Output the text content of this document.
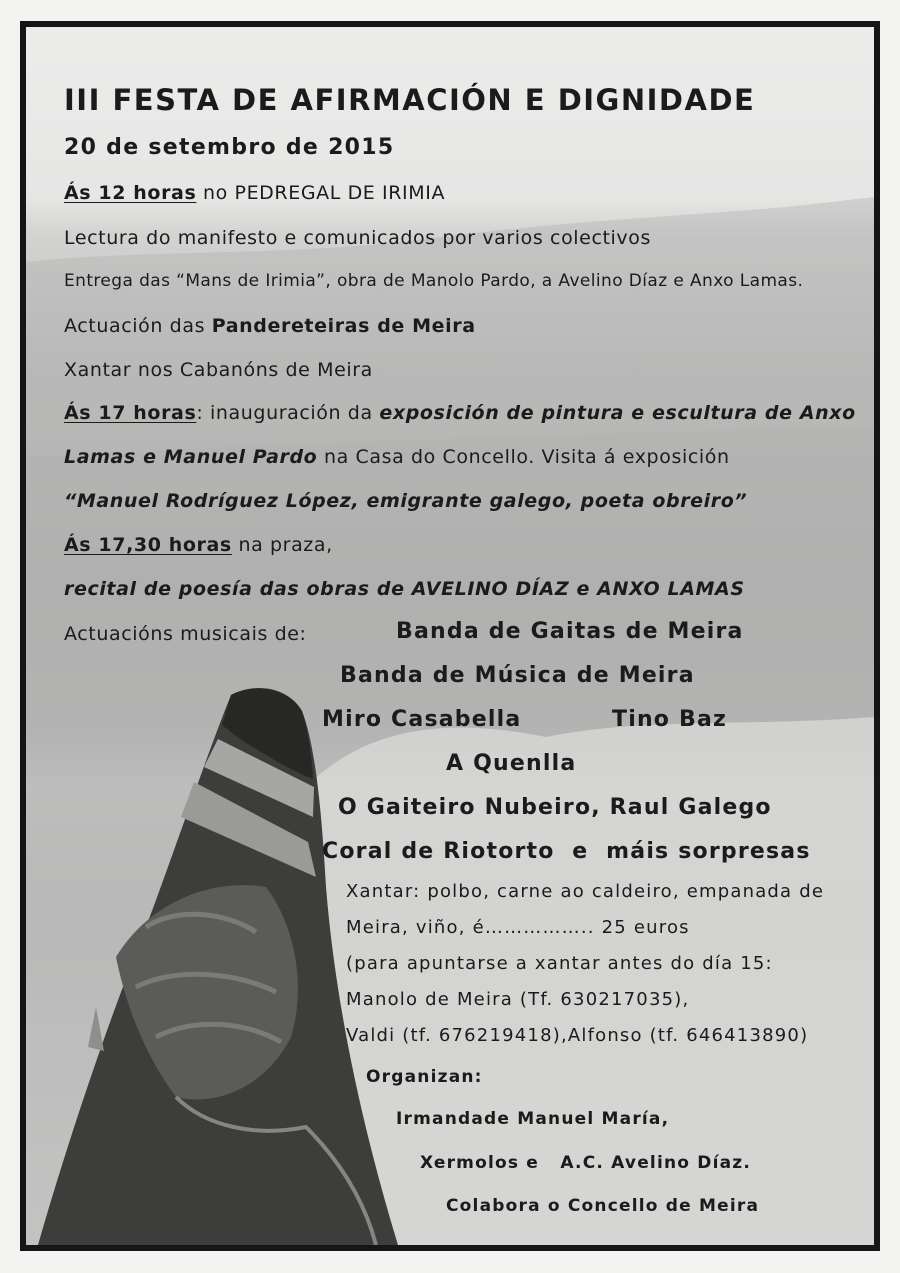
III FESTA DE AFIRMACIÓN E DIGNIDADE
20 de setembro de 2015
Ás 12 horas no PEDREGAL DE IRIMIA
Lectura do manifesto e comunicados por varios colectivos
Entrega das “Mans de Irimia”, obra de Manolo Pardo, a Avelino Díaz e Anxo Lamas.
Actuación das Pandereteiras de Meira
Xantar nos Cabanóns de Meira
Ás 17 horas: inauguración da exposición de pintura e escultura de Anxo
Lamas e Manuel Pardo na Casa do Concello. Visita á exposición
“Manuel Rodríguez López, emigrante galego, poeta obreiro”
Ás 17,30 horas na praza,
recital de poesía das obras de AVELINO DÍAZ e ANXO LAMAS
Actuacións musicais de:	Banda de Gaitas de Meira
Banda de Música de Meira
Miro Casabella	Tino Baz
A Quenlla
O Gaiteiro Nubeiro, Raul Galego
Coral de Riotorto  e  máis sorpresas
Xantar: polbo, carne ao caldeiro, empanada de
Meira, viño, é…………….. 25 euros
(para apuntarse a xantar antes do día 15:
Manolo de Meira (Tf. 630217035),
Valdi (tf. 676219418),Alfonso (tf. 646413890)
Organizan:
Irmandade Manuel María,
Xermolos e   A.C. Avelino Díaz.
Colabora o Concello de Meira
